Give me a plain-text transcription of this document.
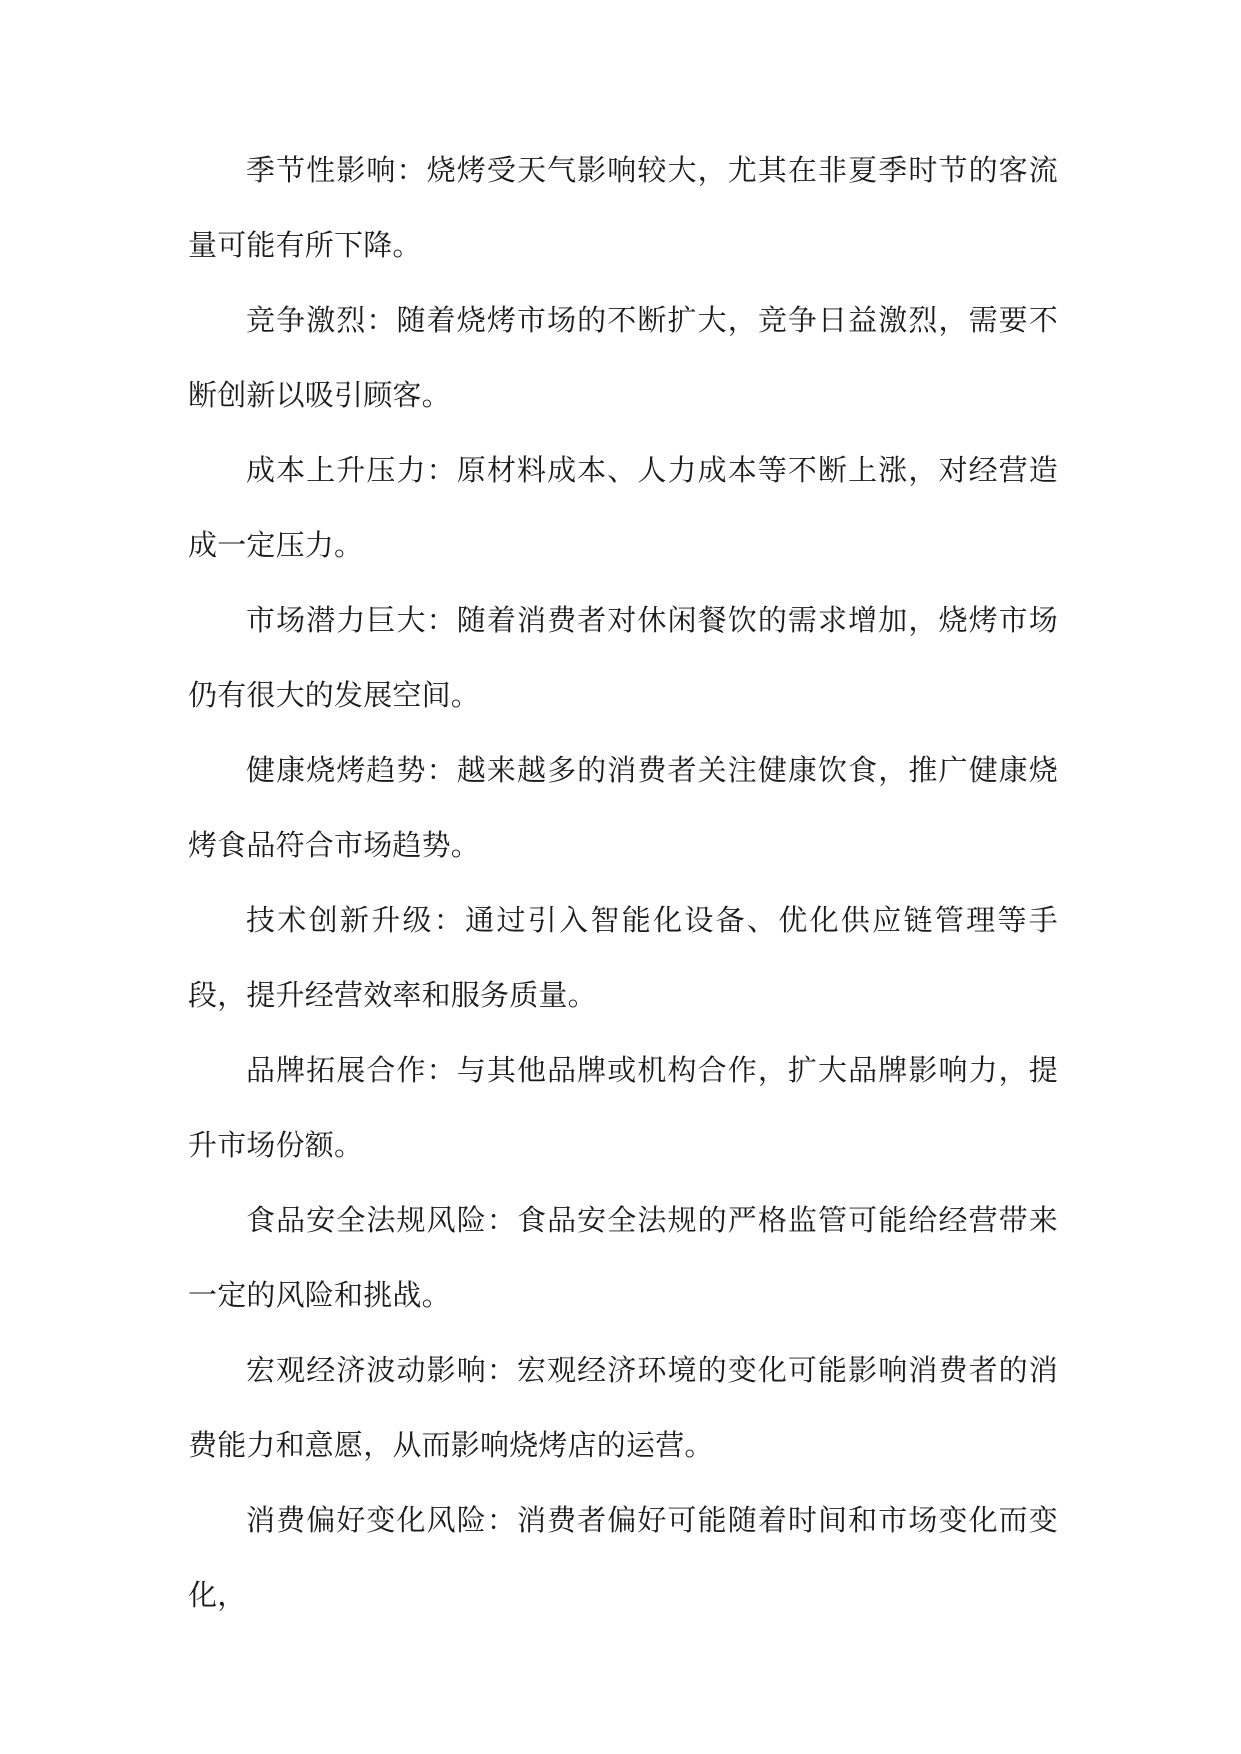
季节性影响：烧烤受天气影响较大，尤其在非夏季时节的客流量可能有所下降。

竞争激烈：随着烧烤市场的不断扩大，竞争日益激烈，需要不断创新以吸引顾客。

成本上升压力：原材料成本、人力成本等不断上涨，对经营造成一定压力。

市场潜力巨大：随着消费者对休闲餐饮的需求增加，烧烤市场仍有很大的发展空间。

健康烧烤趋势：越来越多的消费者关注健康饮食，推广健康烧烤食品符合市场趋势。

技术创新升级：通过引入智能化设备、优化供应链管理等手段，提升经营效率和服务质量。

品牌拓展合作：与其他品牌或机构合作，扩大品牌影响力，提升市场份额。

食品安全法规风险：食品安全法规的严格监管可能给经营带来一定的风险和挑战。

宏观经济波动影响：宏观经济环境的变化可能影响消费者的消费能力和意愿，从而影响烧烤店的运营。

消费偏好变化风险：消费者偏好可能随着时间和市场变化而变化，
